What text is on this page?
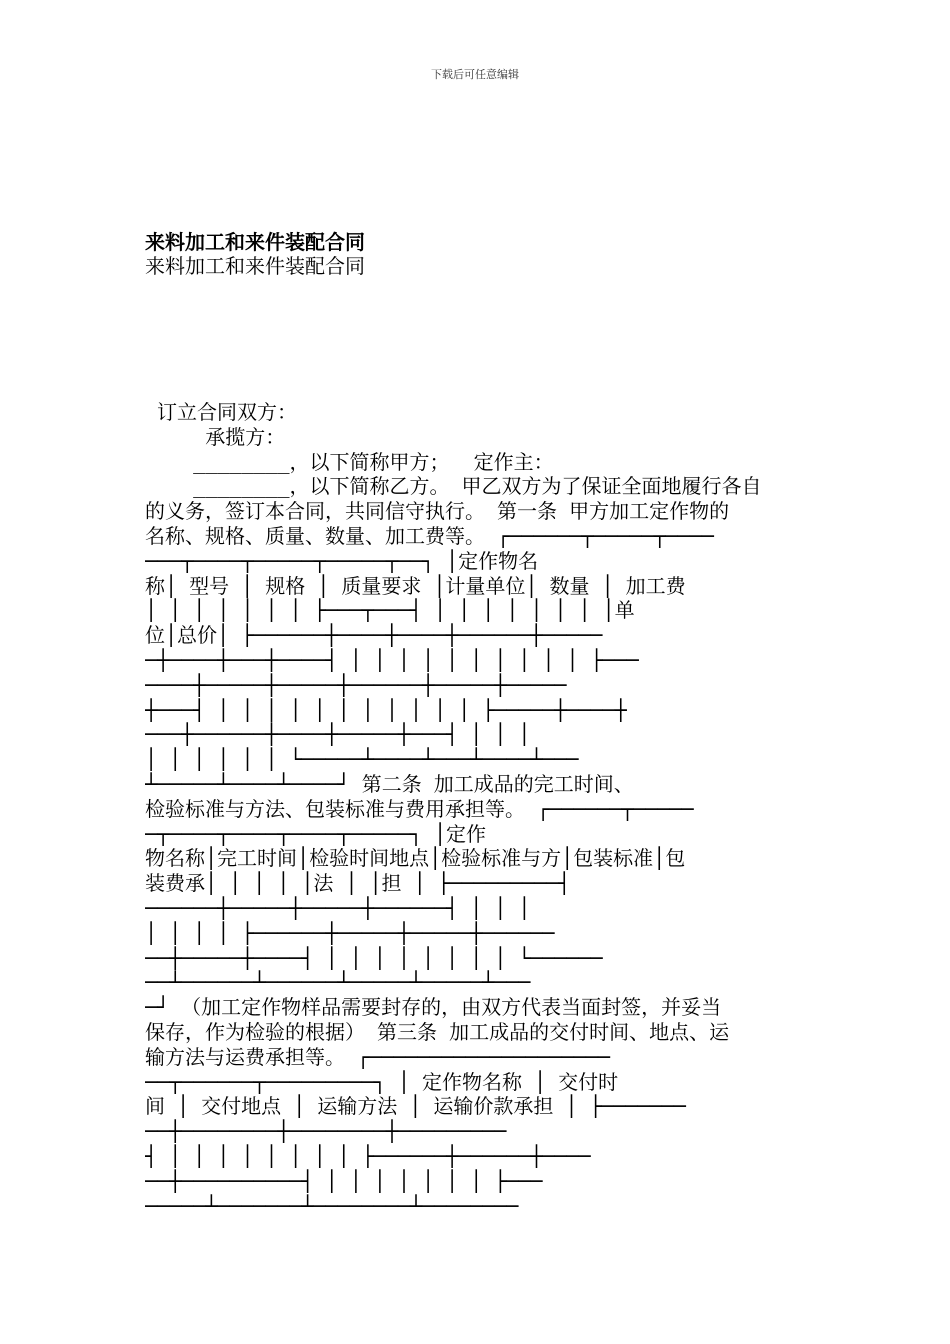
下载后可任意编辑
来料加工和来件装配合同
来料加工和来件装配合同
订立合同双方：
承揽方：
________，以下简称甲方；  定作主：
________，以下简称乙方。 甲乙双方为了保证全面地履行各自
的义务，签订本合同，共同信守执行。 第一条 甲方加工定作物的
名称、规格、质量、数量、加工费等。 ┌──────┬─────┬────
───┬────┬─────┬─────┬──┐ │定作物名
称│ 型号 │ 规格 │ 质量要求 │计量单位│ 数量 │ 加工费
│ │ │ │ │ │ │ ├───┬───┤ │ │ │ │ │ │ │ │单
位│总价│ ├──────┼────┼────┼──────┼─────
─┼────┼───┼────┤ │ │ │ │ │ │ │ │ │ │ ├───
────┼─────┼─────┼──────┼─────┼─────
┼───┤ │ │ │ │ │ │ │ │ │ │ │ ├─────┼────┼
───┼──────┼────┼─────┼───┤ │ │ │
│ │ │ │ │ │ └─────┴────┴───┴────┴───
┴─────┴────┴────┘ 第二条 加工成品的完工时间、
检验标准与方法、包装标准与费用承担等。 ┌──────┬─────
─┬────┬────┬────┬─────┐ │定作
物名称│完工时间│检验时间地点│检验标准与方│包装标准│包
装费承│ │ │ │ │法 │ │担 │ ├─────────┤
──────┼─────┼─────┼──────┤ │ │ │
│ │ │ │ ├──────┼─────┼─────┼──────
──┼─────┼────┤ │ │ │ │ │ │ │ │ └──────
──┴──────┴──────┴─────┴─────┴───
─┘ （加工定作物样品需要封存的，由双方代表当面封签，并妥当
保存，作为检验的根据） 第三条 加工成品的交付时间、地点、运
输方法与运费承担等。 ┌────────────────────
──┬──────┬─────────┐ │ 定作物名称 │ 交付时
间 │ 交付地点 │ 运输方法 │ 运输价款承担 │ ├───────
──┼────────┼────────┼─────────
┤ │ │ │ │ │ │ │ │ ├──────┼──────┼────
──┼──────────┤ │ │ │ │ │ │ │ ├───
─────┴───────┴────────┴────────
